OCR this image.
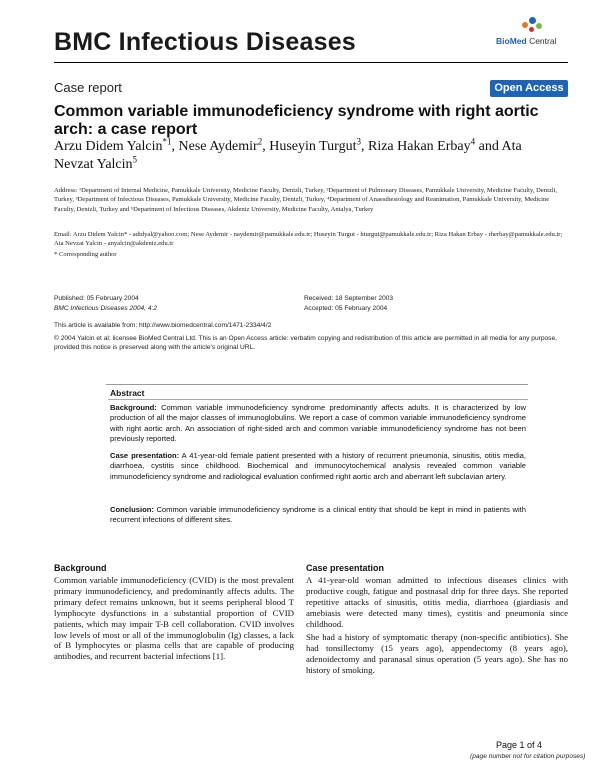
BMC Infectious Diseases	BioMed Central
Case report	Open Access
Common variable immunodeficiency syndrome with right aortic arch: a case report
Arzu Didem Yalcin$^{*1}$, Nese Aydemir$^2$, Huseyin Turgut$^3$, Riza Hakan Erbay$^4$ and Ata Nevzat Yalcin$^5$
Address: ¹Department of Internal Medicine, Pamukkale University, Medicine Faculty, Denizli, Turkey, ²Department of Pulmonary Diseases, Pamukkale University, Medicine Faculty, Denizli, Turkey, ³Department of Infectious Diseases, Pamukkale University, Medicine Faculty, Denizli, Turkey, ⁴Department of Anaesthesiology and Reanimation, Pamukkale University, Medicine Faculty, Denizli, Turkey and ⁵Department of Infectious Diseases, Akdeniz University, Medicine Faculty, Antalya, Turkey
Email: Arzu Didem Yalcin* - adidyal@yahoo.com; Nese Aydemir - naydemir@pamukkale.edu.tr; Huseyin Turgut - hturgut@pamukkale.edu.tr; Riza Hakan Erbay - rherbay@pamukkale.edu.tr; Ata Nevzat Yalcin - anyalcin@akdeniz.edu.tr
* Corresponding author
Published: 05 February 2004
BMC Infectious Diseases 2004, 4:2
Received: 18 September 2003
Accepted: 05 February 2004
This article is available from: http://www.biomedcentral.com/1471-2334/4/2
© 2004 Yalcin et al; licensee BioMed Central Ltd. This is an Open Access article: verbatim copying and redistribution of this article are permitted in all media for any purpose, provided this notice is preserved along with the article's original URL.
Abstract
Background: Common variable immunodeficiency syndrome predominantly affects adults. It is characterized by low production of all the major classes of immunoglobulins. We report a case of common variable immunodeficiency syndrome with right aortic arch. An association of right-sided arch and common variable immunodeficiency syndrome has not been previously reported.
Case presentation: A 41-year-old female patient presented with a history of recurrent pneumonia, sinusitis, otitis media, diarrhoea, cystitis since childhood. Biochemical and immunocytochemical analysis revealed common variable immunodeficiency syndrome and radiological evaluation confirmed right aortic arch and aberrant left subclavian artery.
Conclusion: Common variable immunodeficiency syndrome is a clinical entity that should be kept in mind in patients with recurrent infections of different sites.
Background
Common variable immunodeficiency (CVID) is the most prevalent primary immunodeficiency, and predominantly affects adults. The primary defect remains unknown, but it seems peripheral blood T lymphocyte dysfunctions in a substantial proportion of CVID patients, which may impair T-B cell collaboration. CVID involves low levels of most or all of the immunoglobulin (Ig) classes, a lack of B lymphocytes or plasma cells that are capable of producing antibodies, and recurrent bacterial infections [1].
Case presentation
A 41-year-old woman admitted to infectious diseases clinics with productive cough, fatigue and postnasal drip for three days. She reported repetitive attacks of sinusitis, otitis media, diarrhoea (giardiasis and amebiasis were detected many times), cystitis and pneumonia since childhood.
She had a history of symptomatic therapy (non-specific antibiotics). She had tonsillectomy (15 years ago), appendectomy (8 years ago), adenoidectomy and paranasal sinus operation (5 years ago). She has no history of smoking.
Page 1 of 4
(page number not for citation purposes)
